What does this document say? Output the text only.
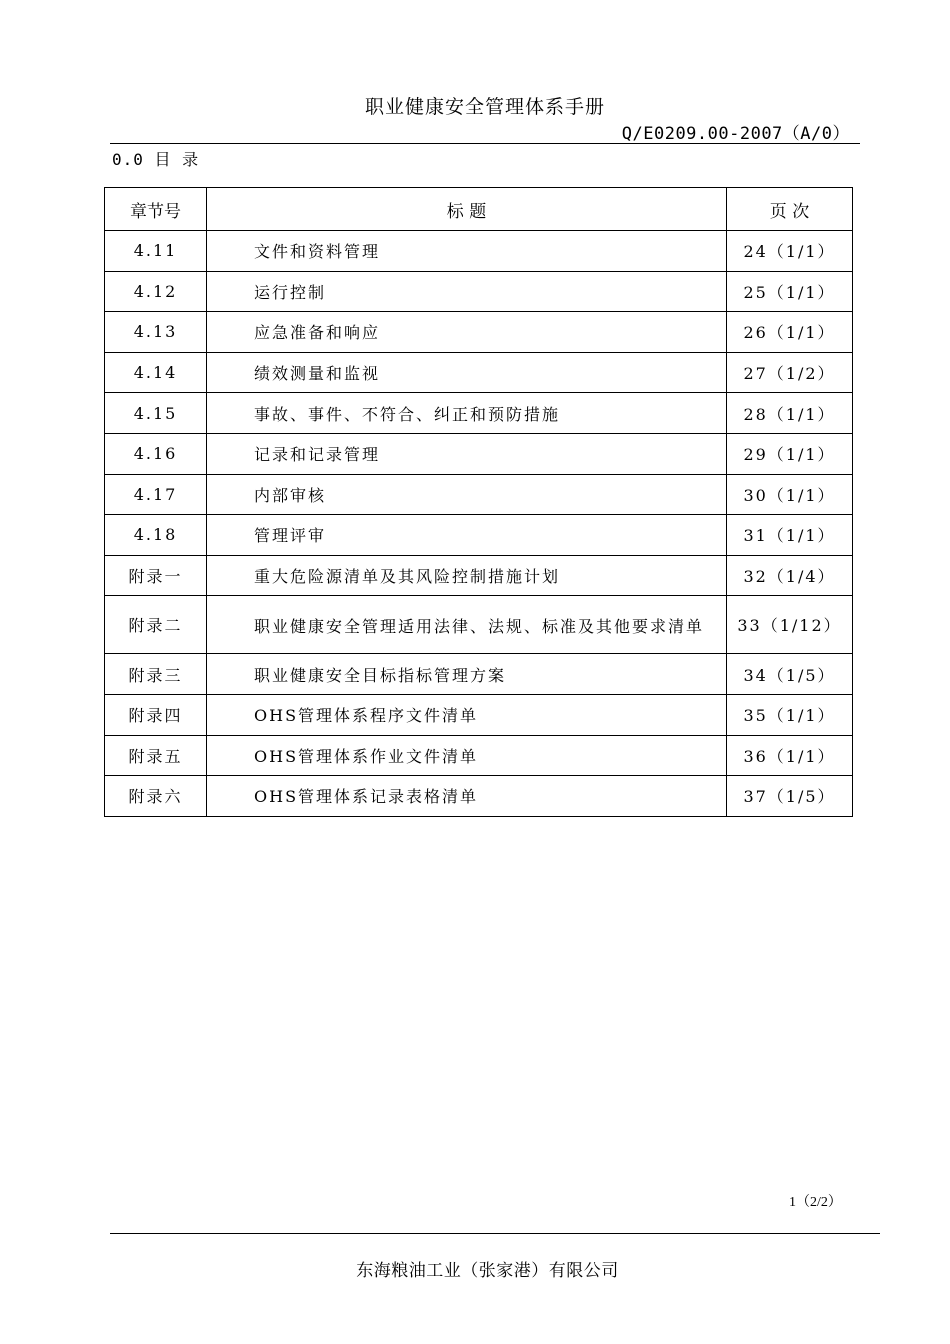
职业健康安全管理体系手册
Q/E0209.00-2007（A/0）
0.0 目 录
章节号	标 题	页 次
4.11	文件和资料管理	24（1/1）
4.12	运行控制	25（1/1）
4.13	应急准备和响应	26（1/1）
4.14	绩效测量和监视	27（1/2）
4.15	事故、事件、不符合、纠正和预防措施	28（1/1）
4.16	记录和记录管理	29（1/1）
4.17	内部审核	30（1/1）
4.18	管理评审	31（1/1）
附录一	重大危险源清单及其风险控制措施计划	32（1/4）
附录二	职业健康安全管理适用法律、法规、标准及其他要求清单	33（1/12）
附录三	职业健康安全目标指标管理方案	34（1/5）
附录四	OHS管理体系程序文件清单	35（1/1）
附录五	OHS管理体系作业文件清单	36（1/1）
附录六	OHS管理体系记录表格清单	37（1/5）
1（2/2）
东海粮油工业（张家港）有限公司
